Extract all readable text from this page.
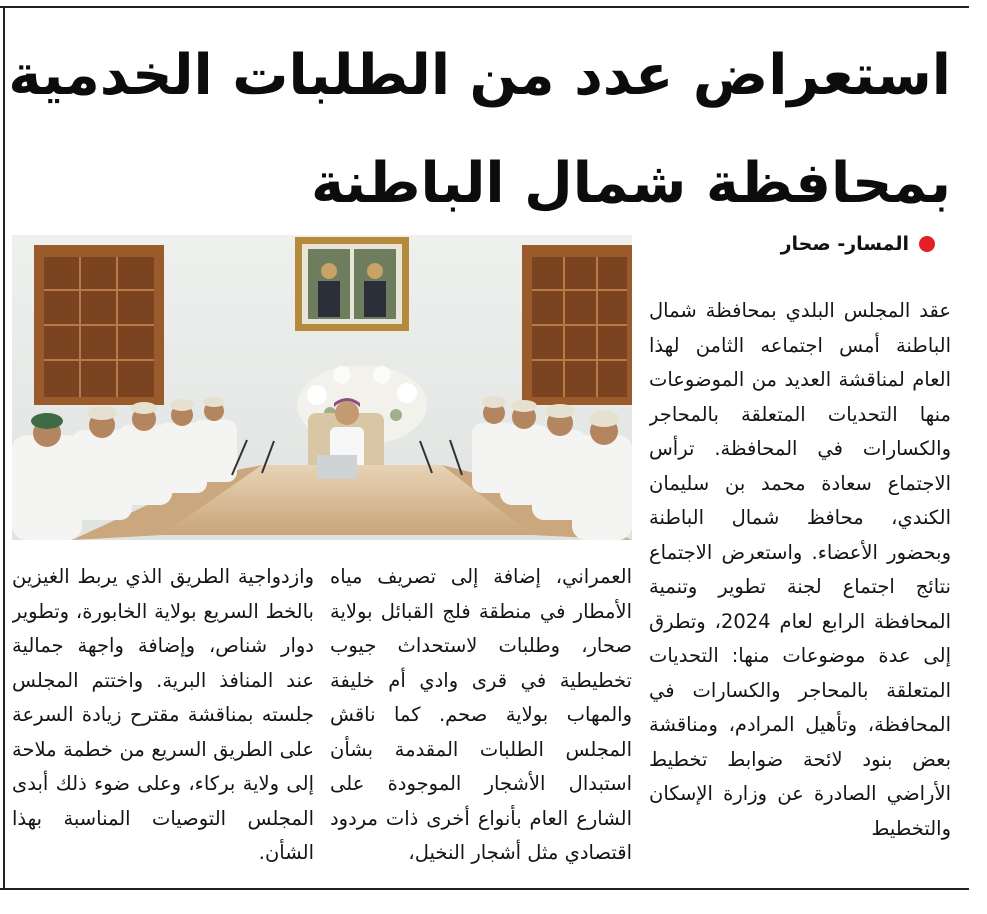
استعراض عدد من الطلبات الخدمية بمحافظة شمال الباطنة
المسار- صحار

عقد المجلس البلدي بمحافظة شمال الباطنة أمس اجتماعه الثامن لهذا العام لمناقشة العديد من الموضوعات منها التحديات المتعلقة بالمحاجر والكسارات في المحافظة. ترأس الاجتماع سعادة محمد بن سليمان الكندي، محافظ شمال الباطنة وبحضور الأعضاء. واستعرض الاجتماع نتائج اجتماع لجنة تطوير وتنمية المحافظة الرابع لعام 2024، وتطرق إلى عدة موضوعات منها: التحديات المتعلقة بالمحاجر والكسارات في المحافظة، وتأهيل المرادم، ومناقشة بعض بنود لائحة ضوابط تخطيط الأراضي الصادرة عن وزارة الإسكان والتخطيط

العمراني، إضافة إلى تصريف مياه الأمطار في منطقة فلج القبائل بولاية صحار، وطلبات لاستحداث جيوب تخطيطية في قرى وادي أم خليفة والمهاب بولاية صحم. كما ناقش المجلس الطلبات المقدمة بشأن استبدال الأشجار الموجودة على الشارع العام بأنواع أخرى ذات مردود اقتصادي مثل أشجار النخيل،

وازدواجية الطريق الذي يربط الغيزين بالخط السريع بولاية الخابورة، وتطوير دوار شناص، وإضافة واجهة جمالية عند المنافذ البرية. واختتم المجلس جلسته بمناقشة مقترح زيادة السرعة على الطريق السريع من خطمة ملاحة إلى ولاية بركاء، وعلى ضوء ذلك أبدى المجلس التوصيات المناسبة بهذا الشأن.
